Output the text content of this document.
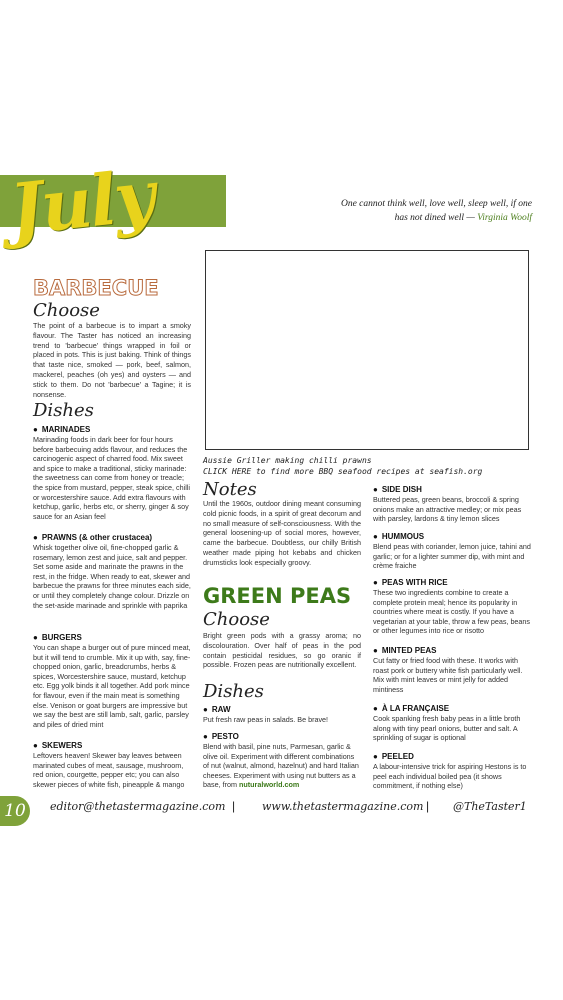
July	One cannot think well, love well, sleep well, if one has not dined well — Virginia Woolf
BARBECUE
Choose
The point of a barbecue is to impart a smoky flavour. The Taster has noticed an increasing trend to 'barbecue' things wrapped in foil or placed in pots. This is just baking. Think of things that taste nice, smoked — pork, beef, salmon, mackerel, peaches (oh yes) and oysters — and stick to them. Do not 'barbecue' a Tagine; it is nonsense.
Dishes
● MARINADES
Marinading foods in dark beer for four hours before barbecuing adds flavour, and reduces the carcinogenic aspect of charred food. Mix sweet and spice to make a traditional, sticky marinade: the sweetness can come from honey or treacle; the spice from mustard, pepper, steak spice, chilli or worcestershire sauce. Add extra flavours with ketchup, garlic, herbs etc, or sherry, ginger & soy sauce for an Asian feel
● PRAWNS (& other crustacea)
Whisk together olive oil, fine-chopped garlic & rosemary, lemon zest and juice, salt and pepper. Set some aside and marinate the prawns in the rest, in the fridge. When ready to eat, skewer and barbecue the prawns for three minutes each side, or until they completely change colour. Drizzle on the set-aside marinade and sprinkle with paprika
● BURGERS
You can shape a burger out of pure minced meat, but it will tend to crumble. Mix it up with, say, fine-chopped onion, garlic, breadcrumbs, herbs & spices, Worcestershire sauce, mustard, ketchup etc. Egg yolk binds it all together. Add pork mince for flavour, even if the main meat is something else. Venison or goat burgers are impressive but we say the best are still lamb, salt, garlic, parsley and piles of dried mint
● SKEWERS
Leftovers heaven! Skewer bay leaves between marinated cubes of meat, sausage, mushroom, red onion, courgette, pepper etc; you can also skewer pieces of white fish, pineapple & mango
Aussie Griller making chilli prawns
CLICK HERE to find more BBQ seafood recipes at seafish.org
Notes
Until the 1960s, outdoor dining meant consuming cold picnic foods, in a spirit of great decorum and no small measure of self-consciousness. With the general loosening-up of social mores, however, came the barbecue. Doubtless, our chilly British weather made piping hot kebabs and chicken drumsticks look especially groovy.
GREEN PEAS
Choose
Bright green pods with a grassy aroma; no discolouration. Over half of peas in the pod contain pesticidal residues, so go oranic if possible. Frozen peas are nutritionally excellent.
Dishes
● RAW
Put fresh raw peas in salads. Be brave!
● PESTO
Blend with basil, pine nuts, Parmesan, garlic & olive oil. Experiment with different combinations of nut (walnut, almond, hazelnut) and hard Italian cheeses. Experiment with using nut butters as a base, from nuturalworld.com
● SIDE DISH
Buttered peas, green beans, broccoli & spring onions make an attractive medley; or mix peas with parsley, lardons & tiny lemon slices
● HUMMOUS
Blend peas with coriander, lemon juice, tahini and garlic; or for a lighter summer dip, with mint and crème fraiche
● PEAS WITH RICE
These two ingredients combine to create a complete protein meal; hence its popularity in countries where meat is costly. If you have a vegetarian at your table, throw a few peas, beans or other legumes into rice or risotto
● MINTED PEAS
Cut fatty or fried food with these. It works with roast pork or buttery white fish particularly well. Mix with mint leaves or mint jelly for added mintiness
● À LA FRANÇAISE
Cook spanking fresh baby peas in a little broth along with tiny pearl onions, butter and salt. A sprinkling of sugar is optional
● PEELED
A labour-intensive trick for aspiring Hestons is to peel each individual boiled pea (it shows commitment, if nothing else)
10	editor@thetastermagazine.com | www.thetastermagazine.com | @TheTaster1
